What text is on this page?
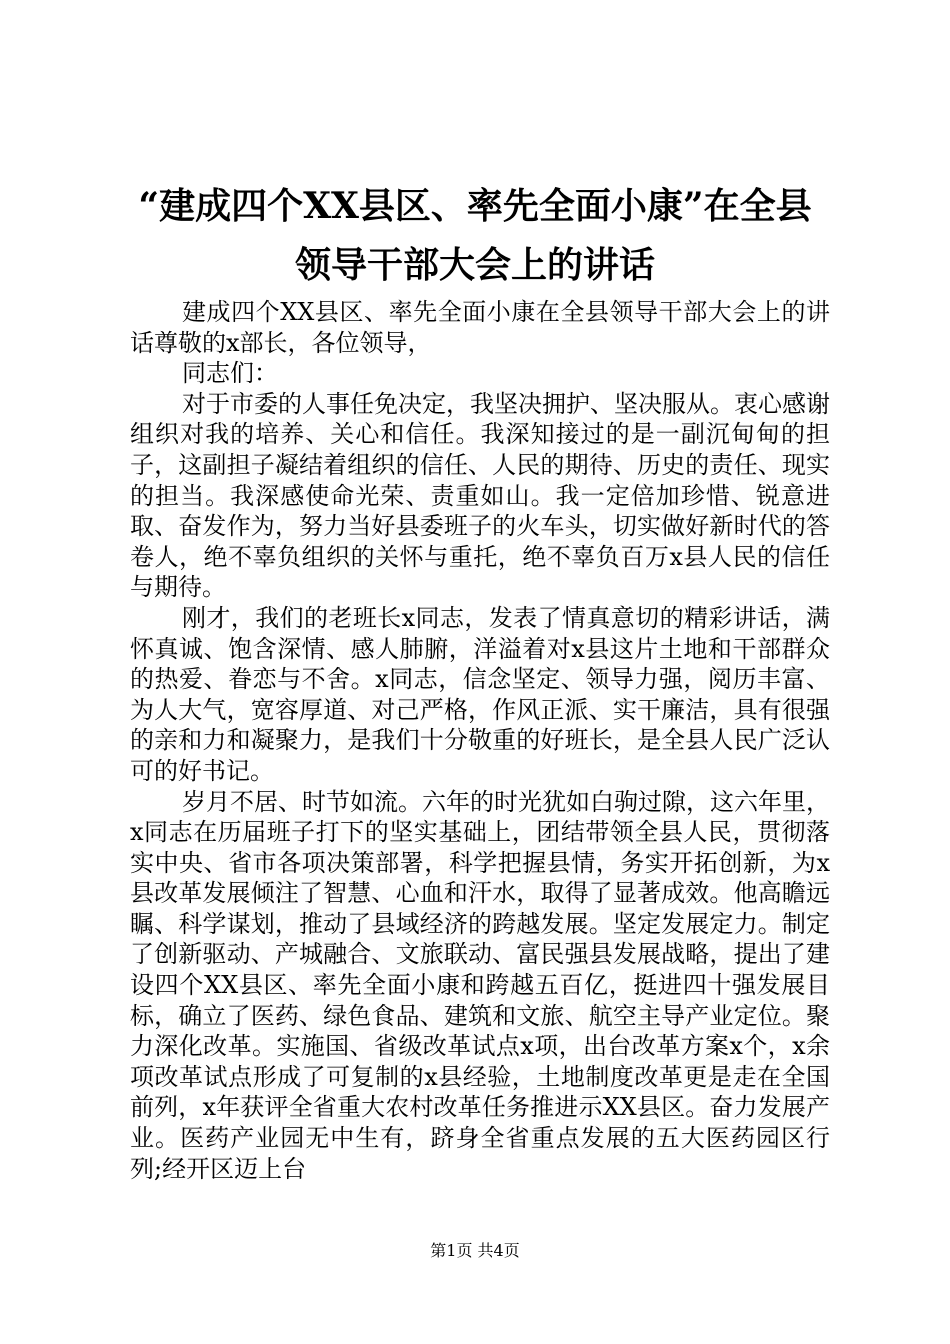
“建成四个XX县区、率先全面小康”在全县
领导干部大会上的讲话

建成四个XX县区、率先全面小康在全县领导干部大会上的讲话尊敬的x部长，各位领导，

同志们：

对于市委的人事任免决定，我坚决拥护、坚决服从。衷心感谢组织对我的培养、关心和信任。我深知接过的是一副沉甸甸的担子，这副担子凝结着组织的信任、人民的期待、历史的责任、现实的担当。我深感使命光荣、责重如山。我一定倍加珍惜、锐意进取、奋发作为，努力当好县委班子的火车头，切实做好新时代的答卷人，绝不辜负组织的关怀与重托，绝不辜负百万x县人民的信任与期待。

刚才，我们的老班长x同志，发表了情真意切的精彩讲话，满怀真诚、饱含深情、感人肺腑，洋溢着对x县这片土地和干部群众的热爱、眷恋与不舍。x同志，信念坚定、领导力强，阅历丰富、为人大气，宽容厚道、对己严格，作风正派、实干廉洁，具有很强的亲和力和凝聚力，是我们十分敬重的好班长，是全县人民广泛认可的好书记。

岁月不居、时节如流。六年的时光犹如白驹过隙，这六年里，x同志在历届班子打下的坚实基础上，团结带领全县人民，贯彻落实中央、省市各项决策部署，科学把握县情，务实开拓创新，为x县改革发展倾注了智慧、心血和汗水，取得了显著成效。他高瞻远瞩、科学谋划，推动了县域经济的跨越发展。坚定发展定力。制定了创新驱动、产城融合、文旅联动、富民强县发展战略，提出了建设四个XX县区、率先全面小康和跨越五百亿，挺进四十强发展目标，确立了医药、绿色食品、建筑和文旅、航空主导产业定位。聚力深化改革。实施国、省级改革试点x项，出台改革方案x个，x余项改革试点形成了可复制的x县经验，土地制度改革更是走在全国前列，x年获评全省重大农村改革任务推进示XX县区。奋力发展产业。医药产业园无中生有，跻身全省重点发展的五大医药园区行列;经开区迈上台

第1页 共4页
